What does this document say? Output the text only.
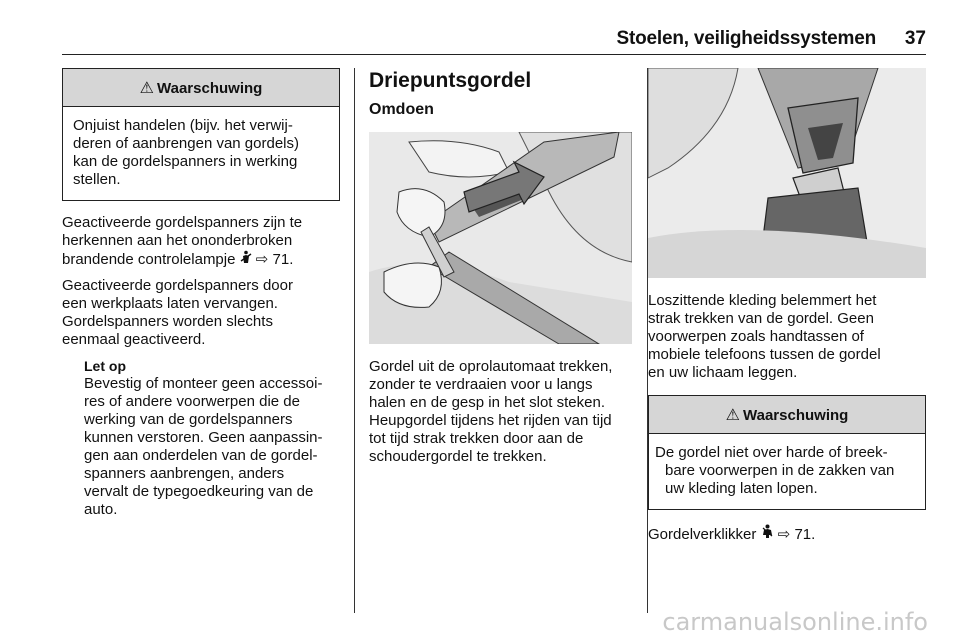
Stoelen, veiligheidssystemen 37
⚠ Waarschuwing
Onjuist handelen (bijv. het verwij-
deren of aanbrengen van gordels)
kan de gordelspanners in werking
stellen.

Geactiveerde gordelspanners zijn te

herkennen aan het ononderbroken

brandende controlelampje  ⇨ 71.

Geactiveerde gordelspanners door

een werkplaats laten vervangen.

Gordelspanners worden slechts

eenmaal geactiveerd.

Let op

Bevestig of monteer geen accessoi-

res of andere voorwerpen die de

werking van de gordelspanners

kunnen verstoren. Geen aanpassin-

gen aan onderdelen van de gordel-

spanners aanbrengen, anders

vervalt de typegoedkeuring van de

auto.

Driepuntsgordel
Omdoen

Gordel uit de oprolautomaat trekken,

zonder te verdraaien voor u langs

halen en de gesp in het slot steken.

Heupgordel tijdens het rijden van tijd

tot tijd strak trekken door aan de

schoudergordel te trekken.

Loszittende kleding belemmert het

strak trekken van de gordel. Geen

voorwerpen zoals handtassen of

mobiele telefoons tussen de gordel

en uw lichaam leggen.

⚠ Waarschuwing
De gordel niet over harde of breek-
bare voorwerpen in de zakken van
uw kleding laten lopen.

Gordelverklikker  ⇨ 71.

carmanualsonline.info
